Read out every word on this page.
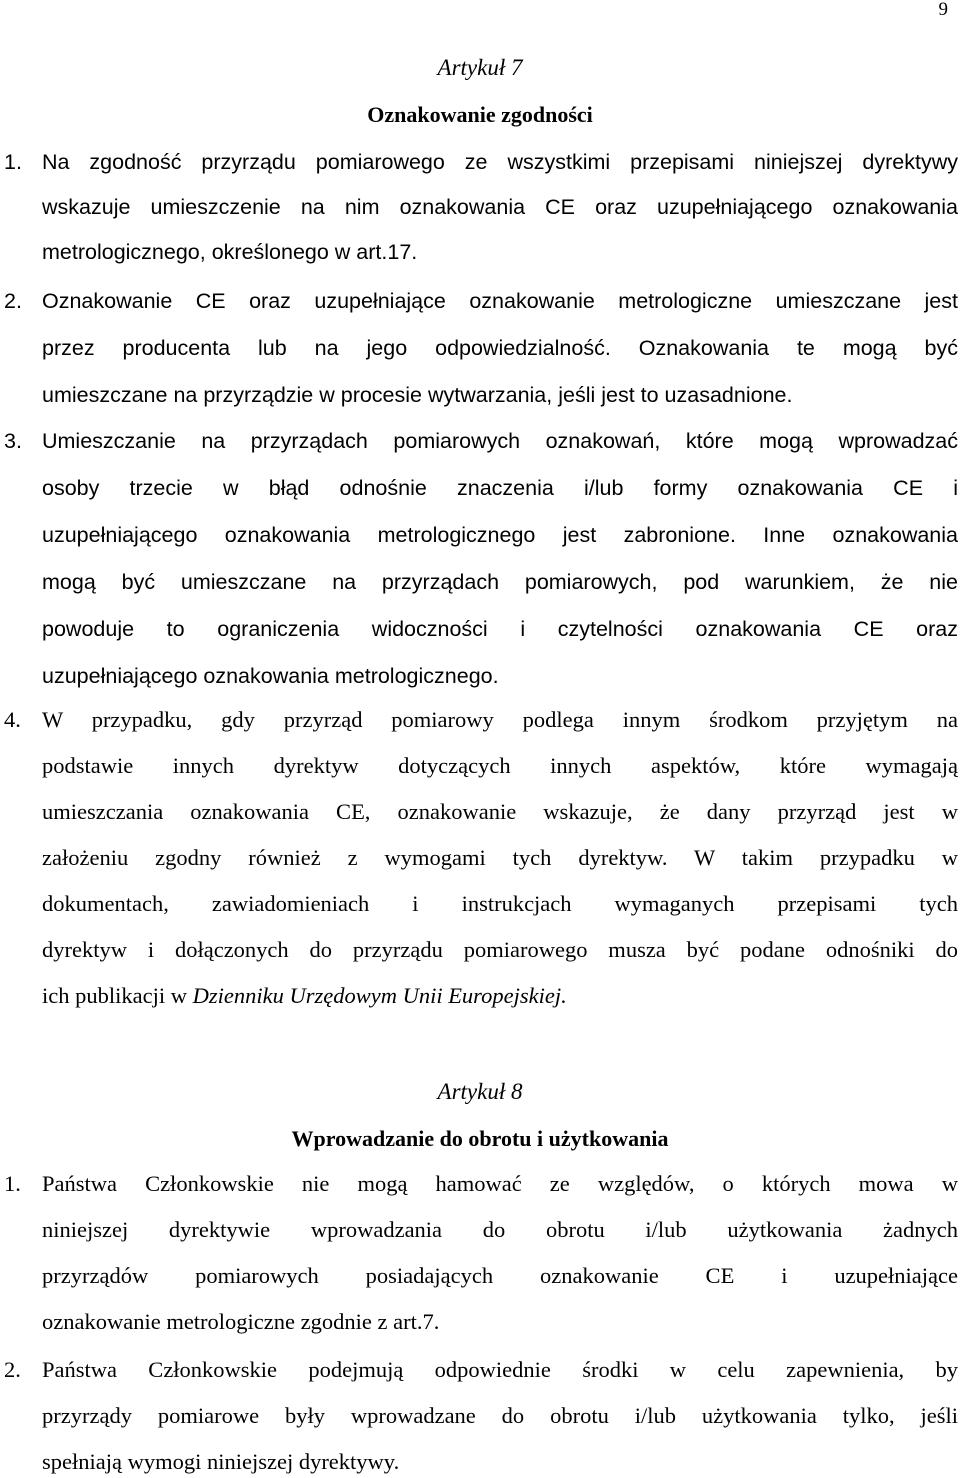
9
Artykuł 7
Oznakowanie zgodności
1. Na zgodność przyrządu pomiarowego ze wszystkimi przepisami niniejszej dyrektywy
wskazuje umieszczenie na nim oznakowania CE oraz uzupełniającego oznakowania
metrologicznego, określonego w art.17.
2. Oznakowanie CE oraz uzupełniające oznakowanie metrologiczne umieszczane jest
przez producenta lub na jego odpowiedzialność. Oznakowania te mogą być
umieszczane na przyrządzie w procesie wytwarzania, jeśli jest to uzasadnione.
3. Umieszczanie na przyrządach pomiarowych oznakowań, które mogą wprowadzać
osoby trzecie w błąd odnośnie znaczenia i/lub formy oznakowania CE i
uzupełniającego oznakowania metrologicznego jest zabronione. Inne oznakowania
mogą być umieszczane na przyrządach pomiarowych, pod warunkiem, że nie
powoduje to ograniczenia widoczności i czytelności oznakowania CE oraz
uzupełniającego oznakowania metrologicznego.
4. W przypadku, gdy przyrząd pomiarowy podlega innym środkom przyjętym na
podstawie innych dyrektyw dotyczących innych aspektów, które wymagają
umieszczania oznakowania CE, oznakowanie wskazuje, że dany przyrząd jest w
założeniu zgodny również z wymogami tych dyrektyw. W takim przypadku w
dokumentach, zawiadomieniach i instrukcjach wymaganych przepisami tych
dyrektyw i dołączonych do przyrządu pomiarowego musza być podane odnośniki do
ich publikacji w Dzienniku Urzędowym Unii Europejskiej.
Artykuł 8
Wprowadzanie do obrotu i użytkowania
1. Państwa Członkowskie nie mogą hamować ze względów, o których mowa w
niniejszej dyrektywie wprowadzania do obrotu i/lub użytkowania żadnych
przyrządów pomiarowych posiadających oznakowanie CE i uzupełniające
oznakowanie metrologiczne zgodnie z art.7.
2. Państwa Członkowskie podejmują odpowiednie środki w celu zapewnienia, by
przyrządy pomiarowe były wprowadzane do obrotu i/lub użytkowania tylko, jeśli
spełniają wymogi niniejszej dyrektywy.
